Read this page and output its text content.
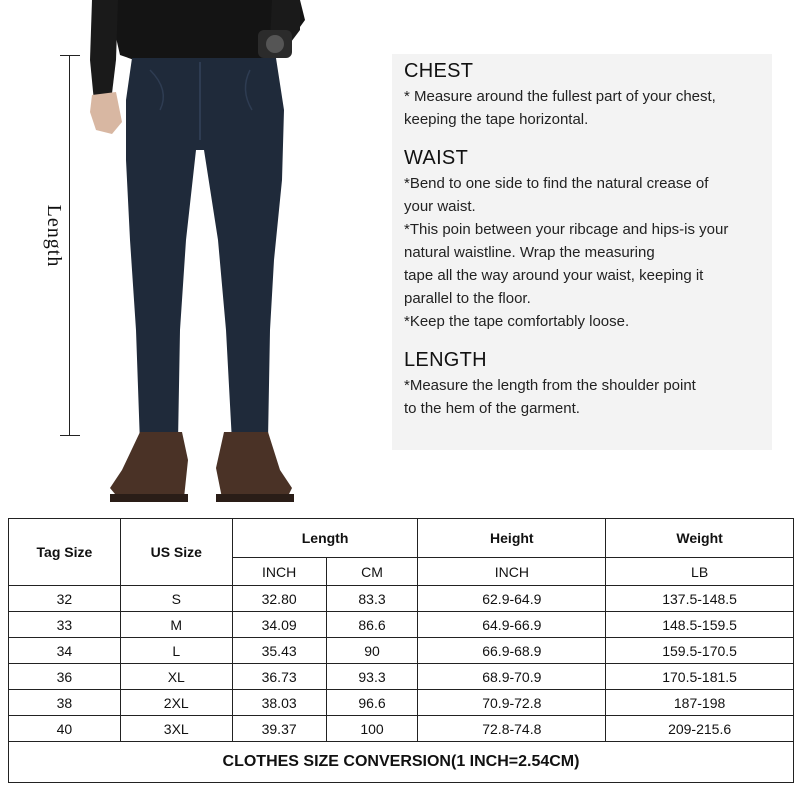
Length
CHEST

* Measure around the fullest part of your chest,

keeping the tape horizontal.

WAIST

*Bend to one side to find the natural crease of

your waist.

*This poin between your ribcage and hips-is your

natural waistline. Wrap the measuring

tape all the way around your waist, keeping it

parallel to the floor.

*Keep the tape comfortably loose.

LENGTH

*Measure the length from the shoulder point

to the hem of the garment.

Tag Size	US Size	Length		Height	Weight
		INCH	CM	INCH	LB
32	S	32.80	83.3	62.9-64.9	137.5-148.5
33	M	34.09	86.6	64.9-66.9	148.5-159.5
34	L	35.43	90	66.9-68.9	159.5-170.5
36	XL	36.73	93.3	68.9-70.9	170.5-181.5
38	2XL	38.03	96.6	70.9-72.8	187-198
40	3XL	39.37	100	72.8-74.8	209-215.6
CLOTHES SIZE CONVERSION(1 INCH=2.54CM)					
